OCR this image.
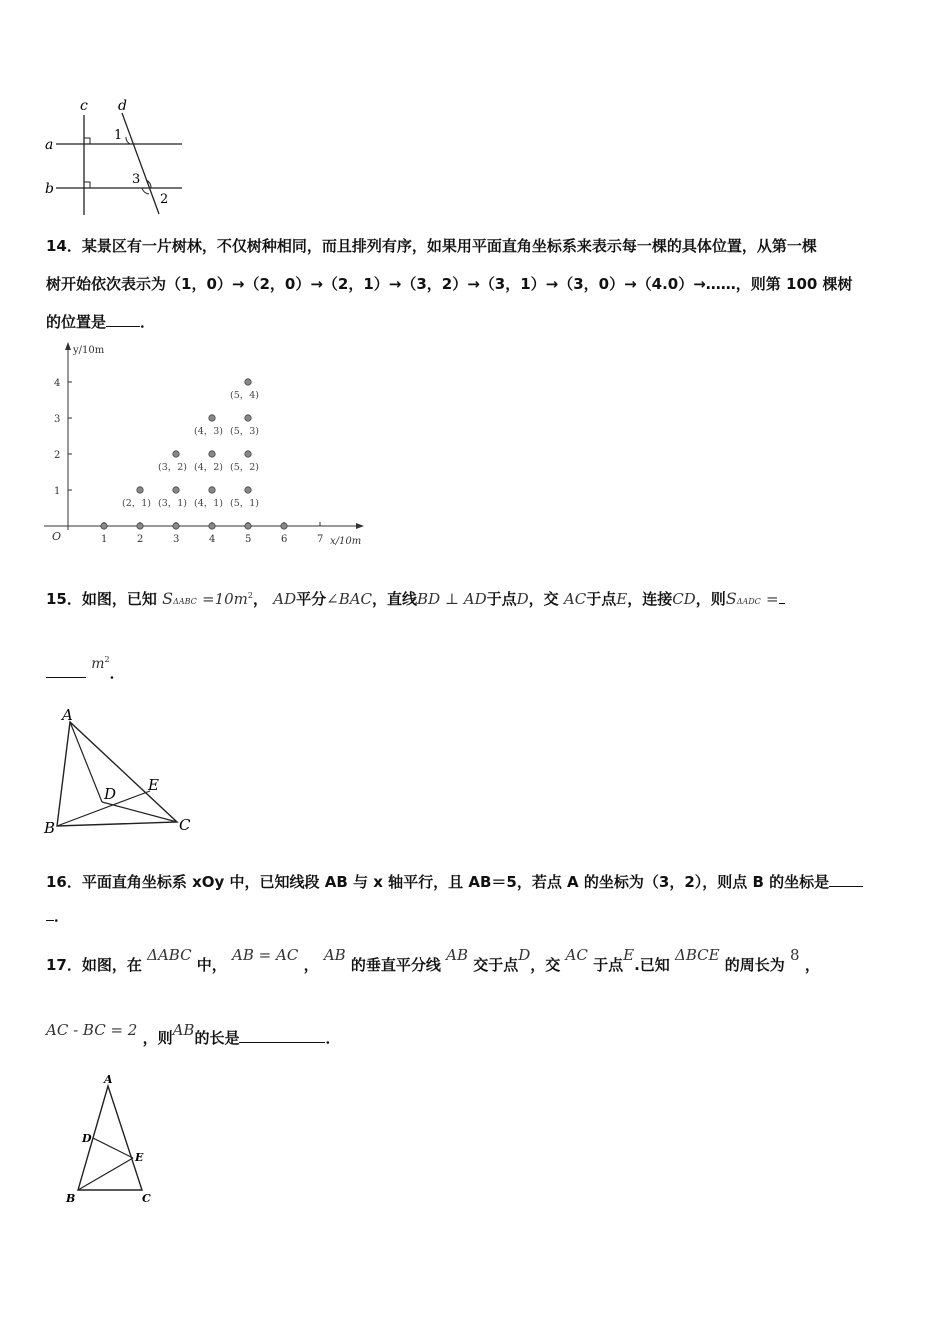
c d
a
b
1
3
2
14．某景区有一片树林，不仅树种相同，而且排列有序，如果用平面直角坐标系来表示每一棵的具体位置，从第一棵
树开始依次表示为（1，0）→（2，0）→（2，1）→（3，2）→（3，1）→（3，0）→（4.0）→……，则第 100 棵树
的位置是 ．
y/10m
x/10m
O	1	2	3	4	5	6	7
1
2
3
4
(2，1) (3，1) (4，1) (5，1)
(3，2) (4，2) (5，2)
(4，3) (5，3)
(5，4)
15．如图，已知 $S\Delta ABC =10m^2$， AD平分∠BAC，直线BD ⊥ AD于点D，交 AC于点E，连接CD，则SΔADC =
$m^2$．
A
B	C
D E
16．平面直角坐标系 xOy 中，已知线段 AB 与 x 轴平行，且 AB＝5，若点 A 的坐标为（3，2），则点 B 的坐标是
．
17．如图，在 ΔABC 中， AB = AC ， AB 的垂直平分线 AB 交于点D，交 AC 于点E.已知 ΔBCE 的周长为 8 ，
AC - BC = 2 ，则AB的长是	．
A
B	C
D
E
